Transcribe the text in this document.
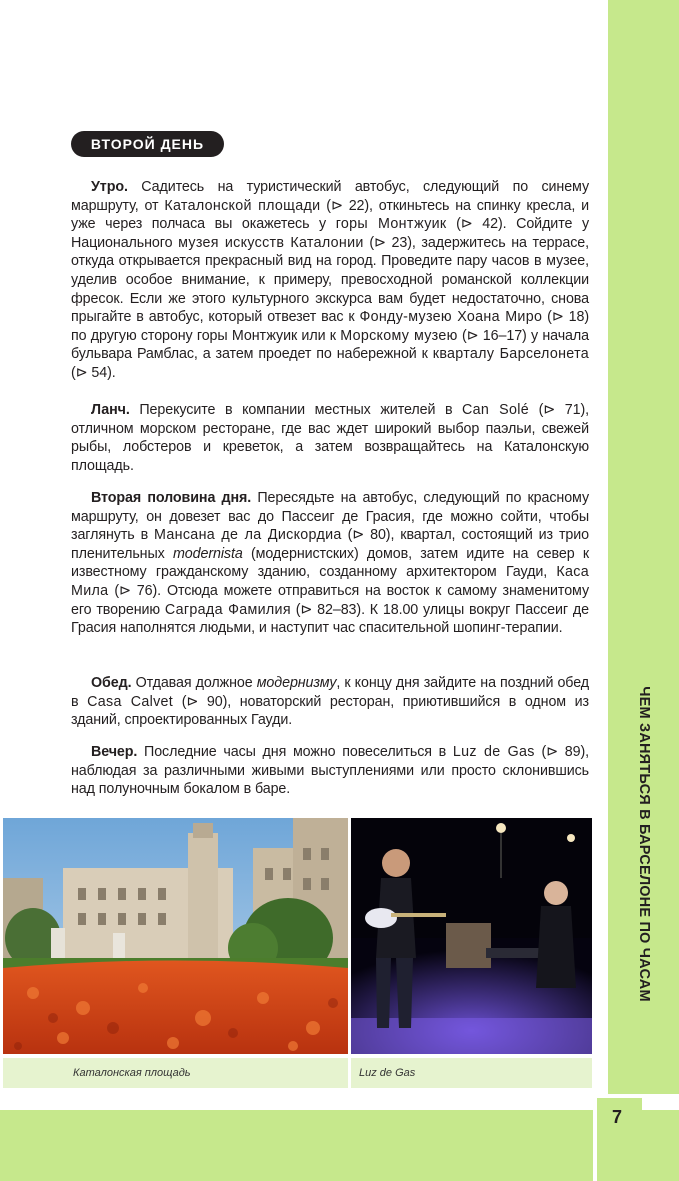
ЧЕМ ЗАНЯТЬСЯ В БАРСЕЛОНЕ ПО ЧАСАМ
7
ВТОРОЙ ДЕНЬ

Утро. Садитесь на туристический автобус, следующий по синему маршруту, от Каталонской площади (⊳ 22), откиньтесь на спинку кресла, и уже через полчаса вы окажетесь у горы Монтжуик (⊳ 42). Сойдите у Национального музея искусств Каталонии (⊳ 23), задержитесь на террасе, откуда открывается прекрасный вид на город. Проведите пару часов в музее, уделив особое внимание, к примеру, превосходной романской коллекции фресок. Если же этого культурного экскурса вам будет недостаточно, снова прыгайте в автобус, который отвезет вас к Фонду-музею Хоана Миро (⊳ 18) по другую сторону горы Монтжуик или к Морскому музею (⊳ 16–17) у начала бульвара Рамблас, а затем проедет по набережной к кварталу Барселонета (⊳ 54).

Ланч. Перекусите в компании местных жителей в Can Solé (⊳ 71), отличном морском ресторане, где вас ждет широкий выбор паэльи, свежей рыбы, лобстеров и креветок, а затем возвращайтесь на Каталонскую площадь.

Вторая половина дня. Пересядьте на автобус, следующий по красному маршруту, он довезет вас до Пассеиг де Грасия, где можно сойти, чтобы заглянуть в Мансана де ла Дискордиа (⊳ 80), квартал, состоящий из трио пленительных modernista (модернистских) домов, затем идите на север к известному гражданскому зданию, созданному архитектором Гауди, Каса Мила (⊳ 76). Отсюда можете отправиться на восток к самому знаменитому его творению Саграда Фамилия (⊳ 82–83). К 18.00 улицы вокруг Пассеиг де Грасия наполнятся людьми, и наступит час спасительной шопинг-терапии.

Обед. Отдавая должное модернизму, к концу дня зайдите на поздний обед в Casa Calvet (⊳ 90), новаторский ресторан, приютившийся в одном из зданий, спроектированных Гауди.

Вечер. Последние часы дня можно повеселиться в Luz de Gas (⊳ 89), наблюдая за различными живыми выступлениями или просто склонившись над полуночным бокалом в баре.

Каталонская площадь	Luz de Gas
